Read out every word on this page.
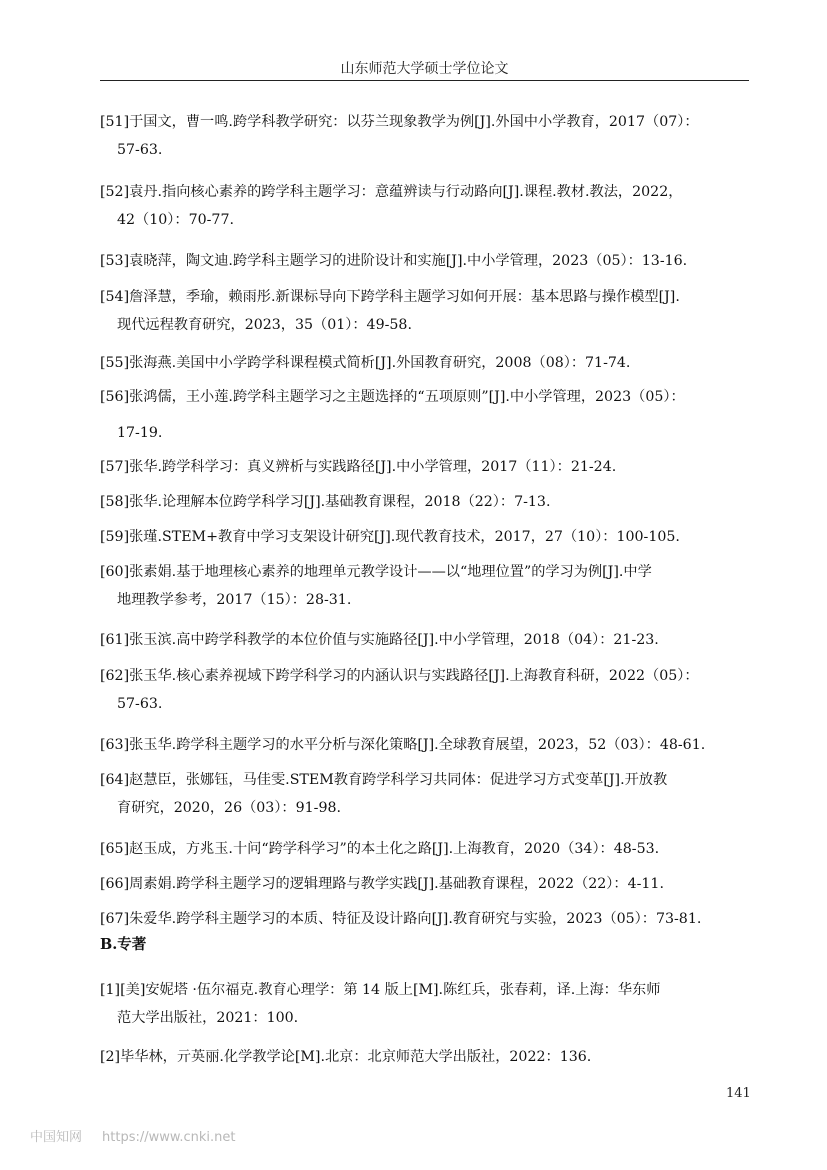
山东师范大学硕士学位论文
[51]于国文，曹一鸣.跨学科教学研究：以芬兰现象教学为例[J].外国中小学教育，2017（07）：
57-63.
[52]袁丹.指向核心素养的跨学科主题学习：意蕴辨读与行动路向[J].课程.教材.教法，2022，
42（10）：70-77.
[53]袁晓萍，陶文迪.跨学科主题学习的进阶设计和实施[J].中小学管理，2023（05）：13-16.
[54]詹泽慧，季瑜，赖雨彤.新课标导向下跨学科主题学习如何开展：基本思路与操作模型[J].
现代远程教育研究，2023，35（01）：49-58.
[55]张海燕.美国中小学跨学科课程模式简析[J].外国教育研究，2008（08）：71-74.
[56]张鸿儒，王小莲.跨学科主题学习之主题选择的“五项原则”[J].中小学管理，2023（05）：
17-19.
[57]张华.跨学科学习：真义辨析与实践路径[J].中小学管理，2017（11）：21-24.
[58]张华.论理解本位跨学科学习[J].基础教育课程，2018（22）：7-13.
[59]张瑾.STEM+教育中学习支架设计研究[J].现代教育技术，2017，27（10）：100-105.
[60]张素娟.基于地理核心素养的地理单元教学设计——以“地理位置”的学习为例[J].中学
地理教学参考，2017（15）：28-31.
[61]张玉滨.高中跨学科教学的本位价值与实施路径[J].中小学管理，2018（04）：21-23.
[62]张玉华.核心素养视域下跨学科学习的内涵认识与实践路径[J].上海教育科研，2022（05）：
57-63.
[63]张玉华.跨学科主题学习的水平分析与深化策略[J].全球教育展望，2023，52（03）：48-61.
[64]赵慧臣，张娜钰，马佳雯.STEM教育跨学科学习共同体：促进学习方式变革[J].开放教
育研究，2020，26（03）：91-98.
[65]赵玉成，方兆玉.十问“跨学科学习”的本土化之路[J].上海教育，2020（34）：48-53.
[66]周素娟.跨学科主题学习的逻辑理路与教学实践[J].基础教育课程，2022（22）：4-11.
[67]朱爱华.跨学科主题学习的本质、特征及设计路向[J].教育研究与实验，2023（05）：73-81.
B.专著
[1][美]安妮塔 ·伍尔福克.教育心理学：第 14 版上[M].陈红兵，张春莉，译.上海：华东师
范大学出版社，2021：100.
[2]毕华林，亓英丽.化学教学论[M].北京：北京师范大学出版社，2022：136.
141
中国知网 https://www.cnki.net
